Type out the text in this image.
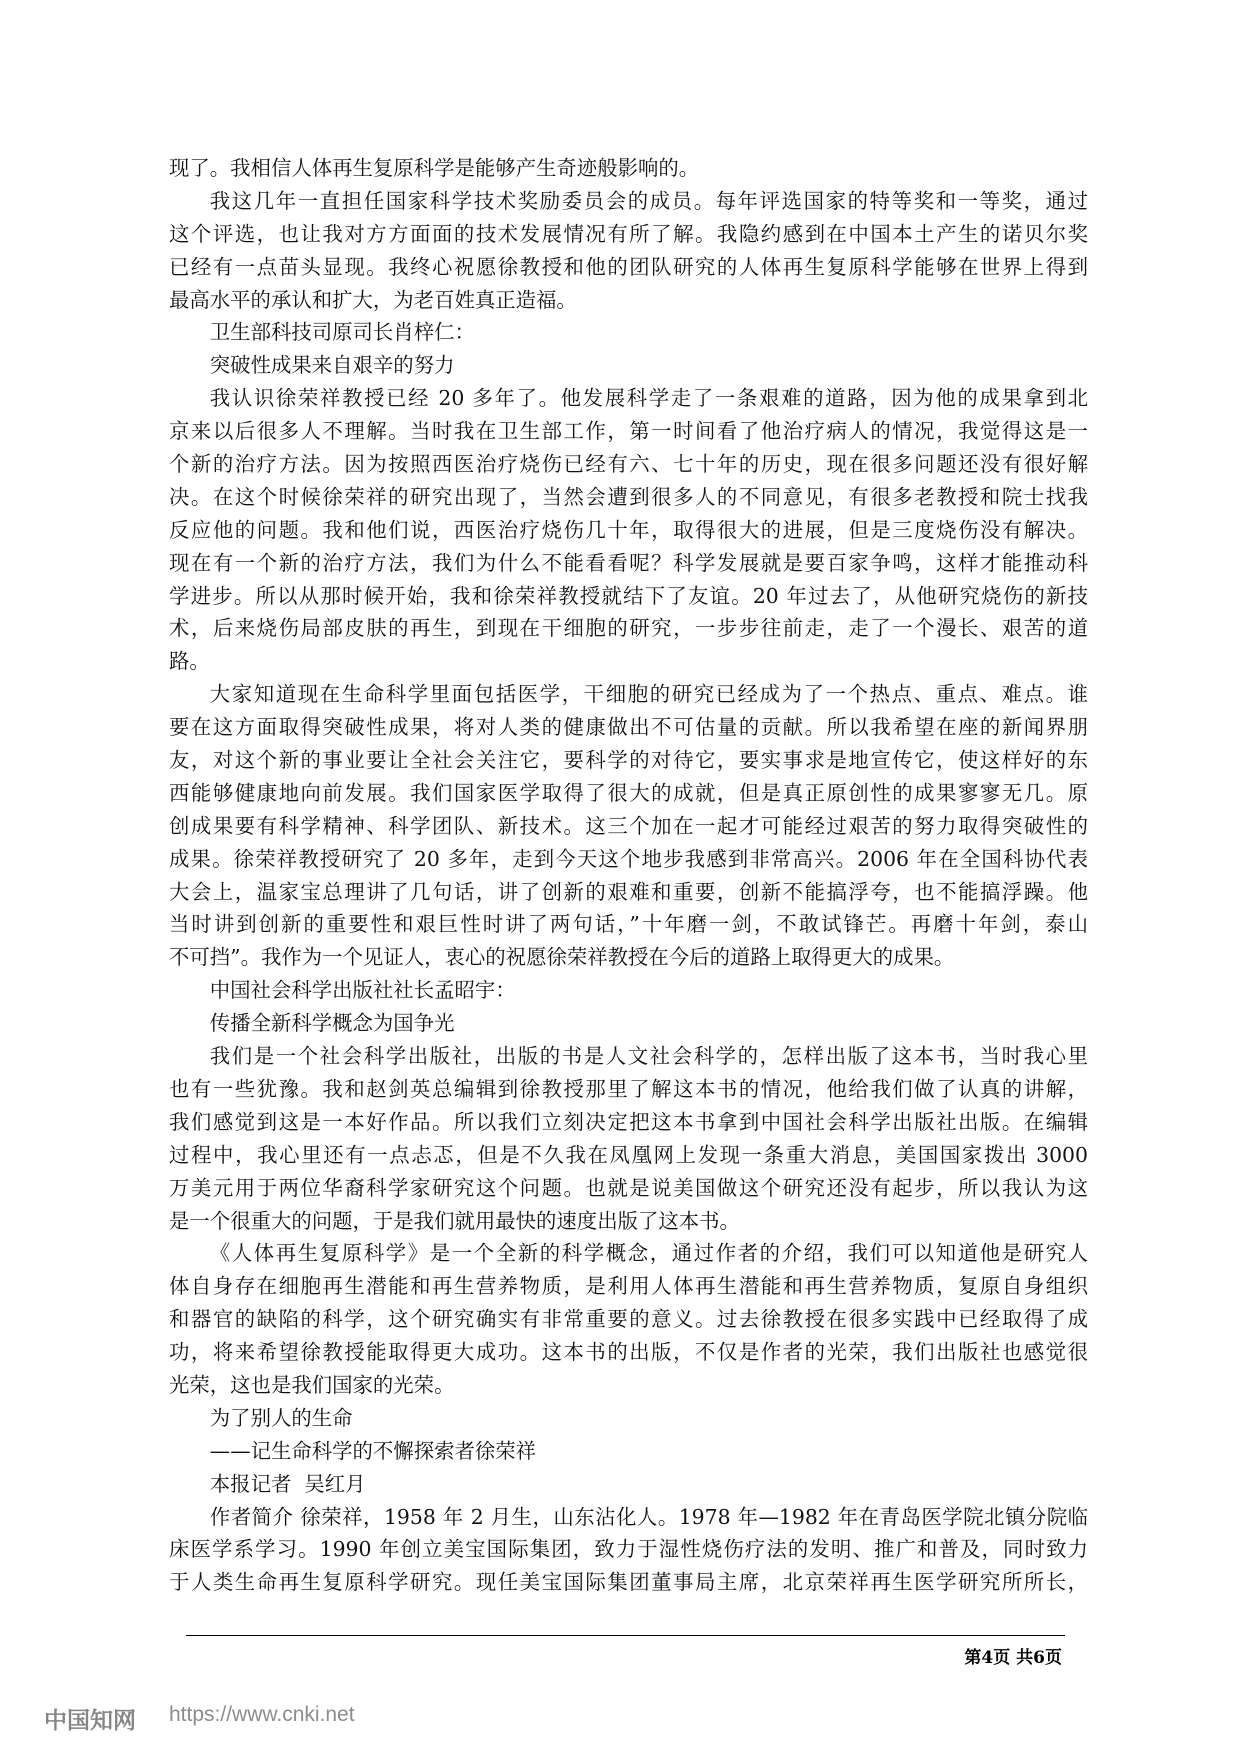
现了。我相信人体再生复原科学是能够产生奇迹般影响的。
我这几年一直担任国家科学技术奖励委员会的成员。每年评选国家的特等奖和一等奖，通过
这个评选，也让我对方方面面的技术发展情况有所了解。我隐约感到在中国本土产生的诺贝尔奖
已经有一点苗头显现。我终心祝愿徐教授和他的团队研究的人体再生复原科学能够在世界上得到
最高水平的承认和扩大，为老百姓真正造福。
卫生部科技司原司长肖梓仁：
突破性成果来自艰辛的努力
我认识徐荣祥教授已经 20 多年了。他发展科学走了一条艰难的道路，因为他的成果拿到北
京来以后很多人不理解。当时我在卫生部工作，第一时间看了他治疗病人的情况，我觉得这是一
个新的治疗方法。因为按照西医治疗烧伤已经有六、七十年的历史，现在很多问题还没有很好解
决。在这个时候徐荣祥的研究出现了，当然会遭到很多人的不同意见，有很多老教授和院士找我
反应他的问题。我和他们说，西医治疗烧伤几十年，取得很大的进展，但是三度烧伤没有解决。
现在有一个新的治疗方法，我们为什么不能看看呢？科学发展就是要百家争鸣，这样才能推动科
学进步。所以从那时候开始，我和徐荣祥教授就结下了友谊。20 年过去了，从他研究烧伤的新技
术，后来烧伤局部皮肤的再生，到现在干细胞的研究，一步步往前走，走了一个漫长、艰苦的道
路。
大家知道现在生命科学里面包括医学，干细胞的研究已经成为了一个热点、重点、难点。谁
要在这方面取得突破性成果，将对人类的健康做出不可估量的贡献。所以我希望在座的新闻界朋
友，对这个新的事业要让全社会关注它，要科学的对待它，要实事求是地宣传它，使这样好的东
西能够健康地向前发展。我们国家医学取得了很大的成就，但是真正原创性的成果寥寥无几。原
创成果要有科学精神、科学团队、新技术。这三个加在一起才可能经过艰苦的努力取得突破性的
成果。徐荣祥教授研究了 20 多年，走到今天这个地步我感到非常高兴。2006 年在全国科协代表
大会上，温家宝总理讲了几句话，讲了创新的艰难和重要，创新不能搞浮夸，也不能搞浮躁。他
当时讲到创新的重要性和艰巨性时讲了两句话，”十年磨一剑，不敢试锋芒。再磨十年剑，泰山
不可挡”。我作为一个见证人，衷心的祝愿徐荣祥教授在今后的道路上取得更大的成果。
中国社会科学出版社社长孟昭宇：
传播全新科学概念为国争光
我们是一个社会科学出版社，出版的书是人文社会科学的，怎样出版了这本书，当时我心里
也有一些犹豫。我和赵剑英总编辑到徐教授那里了解这本书的情况，他给我们做了认真的讲解，
我们感觉到这是一本好作品。所以我们立刻决定把这本书拿到中国社会科学出版社出版。在编辑
过程中，我心里还有一点忐忑，但是不久我在凤凰网上发现一条重大消息，美国国家拨出 3000
万美元用于两位华裔科学家研究这个问题。也就是说美国做这个研究还没有起步，所以我认为这
是一个很重大的问题，于是我们就用最快的速度出版了这本书。
《人体再生复原科学》是一个全新的科学概念，通过作者的介绍，我们可以知道他是研究人
体自身存在细胞再生潜能和再生营养物质，是利用人体再生潜能和再生营养物质，复原自身组织
和器官的缺陷的科学，这个研究确实有非常重要的意义。过去徐教授在很多实践中已经取得了成
功，将来希望徐教授能取得更大成功。这本书的出版，不仅是作者的光荣，我们出版社也感觉很
光荣，这也是我们国家的光荣。
为了别人的生命
——记生命科学的不懈探索者徐荣祥
本报记者  吴红月
作者简介 徐荣祥，1958 年 2 月生，山东沾化人。1978 年—1982 年在青岛医学院北镇分院临
床医学系学习。1990 年创立美宝国际集团，致力于湿性烧伤疗法的发明、推广和普及，同时致力
于人类生命再生复原科学研究。现任美宝国际集团董事局主席，北京荣祥再生医学研究所所长，
第4页 共6页
中国知网 https://www.cnki.net
